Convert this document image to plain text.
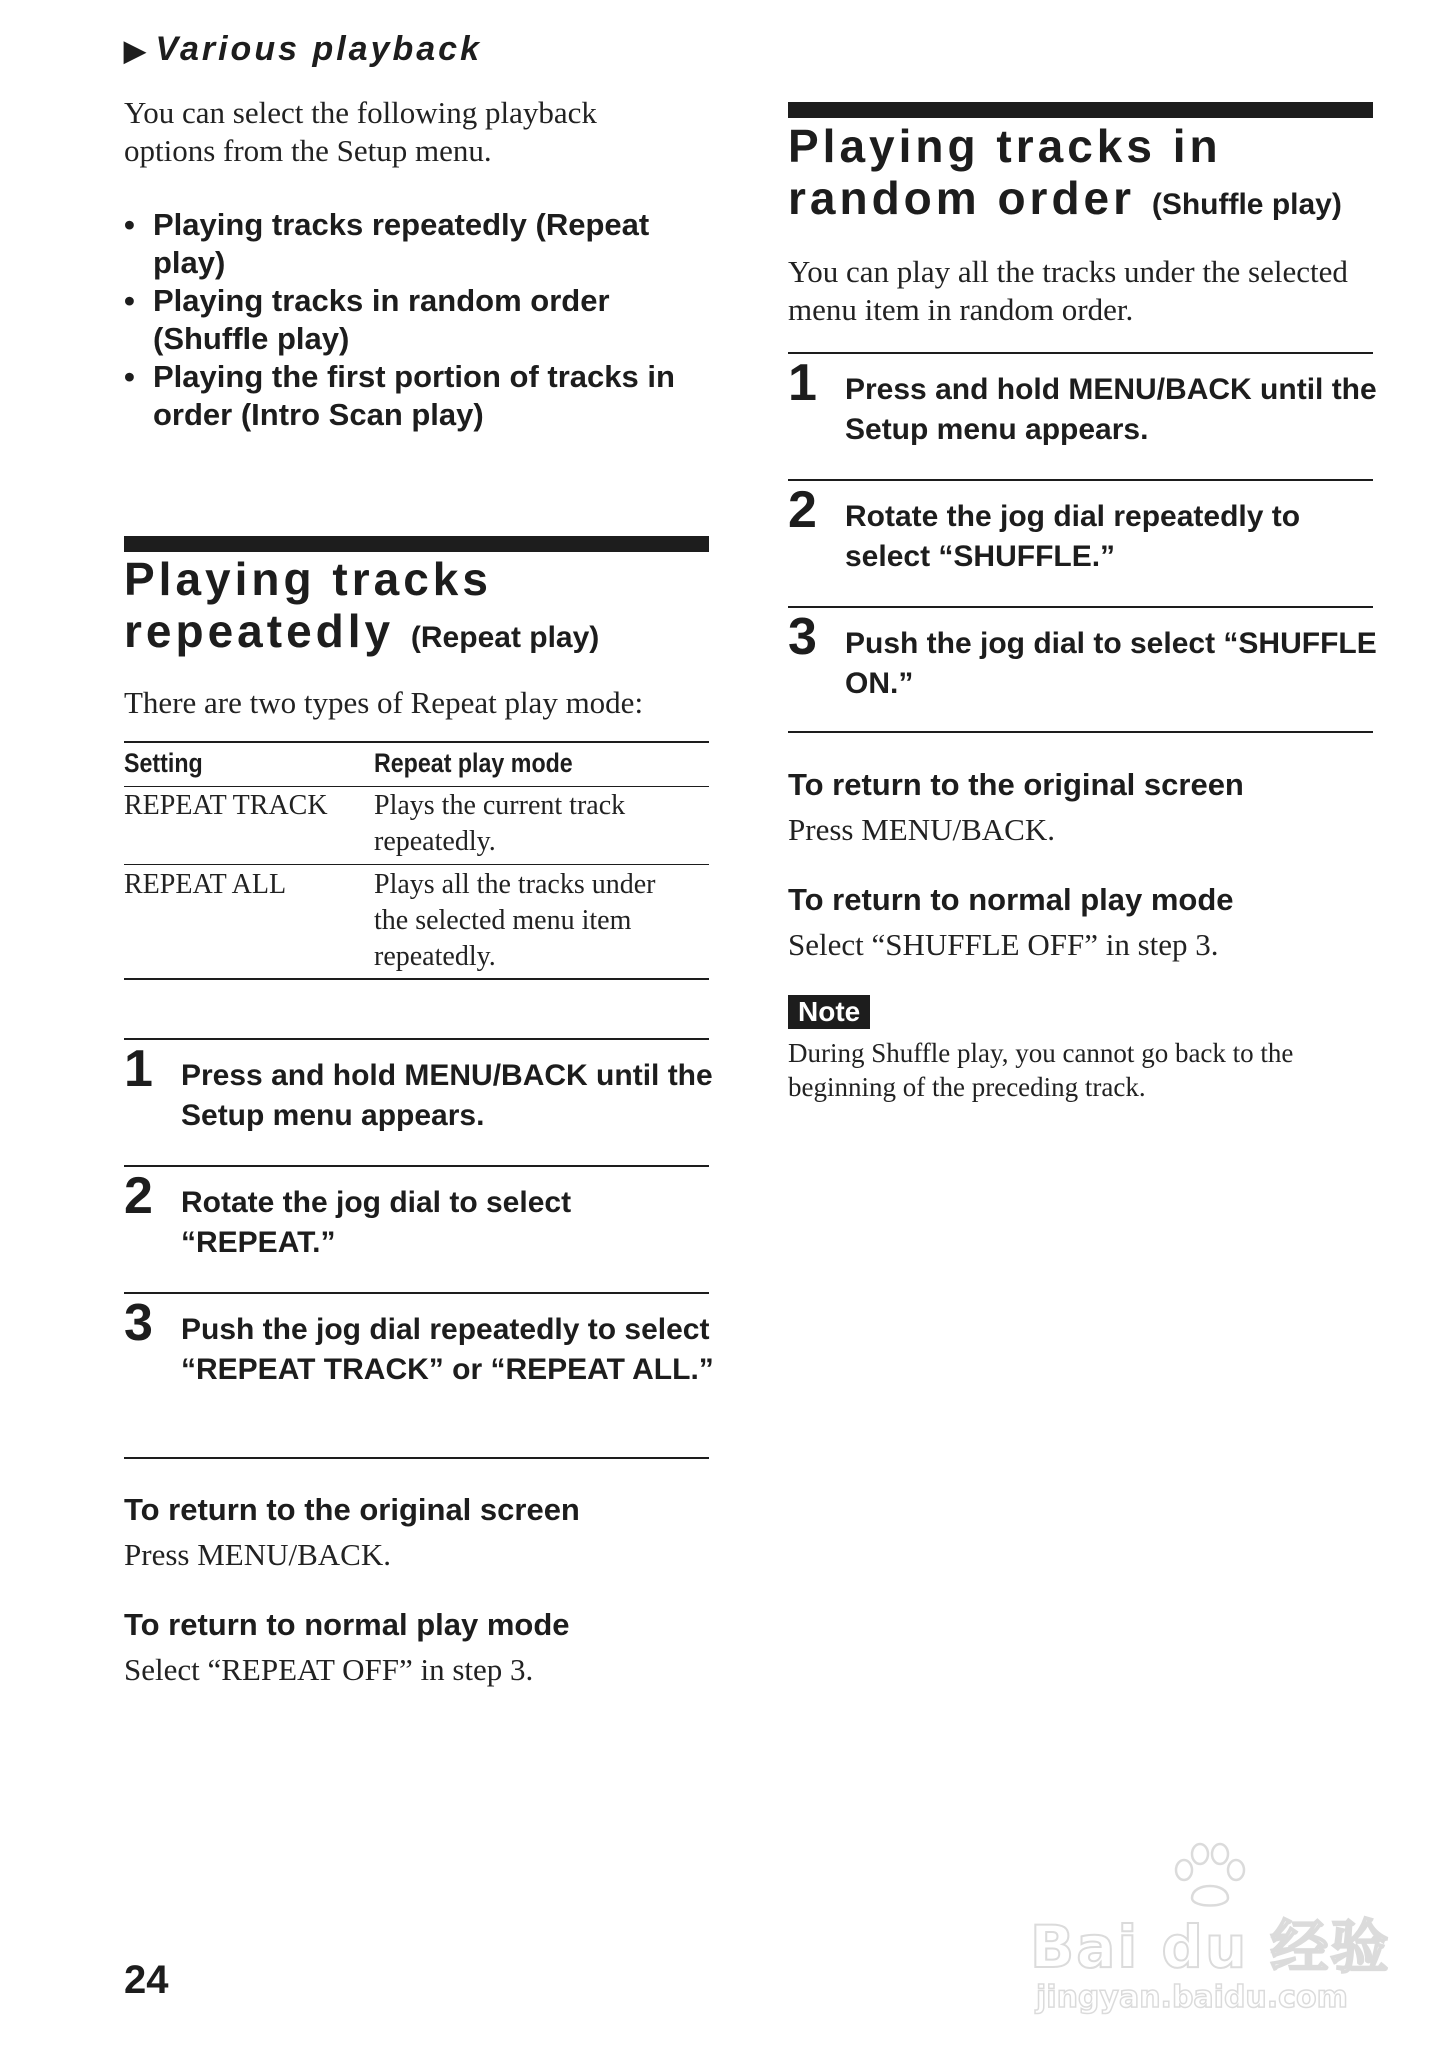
▶ Various playback
You can select the following playback options from the Setup menu.
• Playing tracks repeatedly (Repeat play)
• Playing tracks in random order (Shuffle play)
• Playing the first portion of tracks in order (Intro Scan play)
Playing tracks
repeatedly (Repeat play)
There are two types of Repeat play mode:
Setting	Repeat play mode
REPEAT TRACK	Plays the current track repeatedly.
REPEAT ALL	Plays all the tracks under the selected menu item repeatedly.
1 Press and hold MENU/BACK until the Setup menu appears.
2 Rotate the jog dial to select “REPEAT.”
3 Push the jog dial repeatedly to select “REPEAT TRACK” or “REPEAT ALL.”
To return to the original screen
Press MENU/BACK.
To return to normal play mode
Select “REPEAT OFF” in step 3.
Playing tracks in
random order (Shuffle play)
You can play all the tracks under the selected menu item in random order.
1 Press and hold MENU/BACK until the Setup menu appears.
2 Rotate the jog dial repeatedly to select “SHUFFLE.”
3 Push the jog dial to select “SHUFFLE ON.”
To return to the original screen
Press MENU/BACK.
To return to normal play mode
Select “SHUFFLE OFF” in step 3.
Note
During Shuffle play, you cannot go back to the beginning of the preceding track.
24	Bai du 经验
jingyan.baidu.com
